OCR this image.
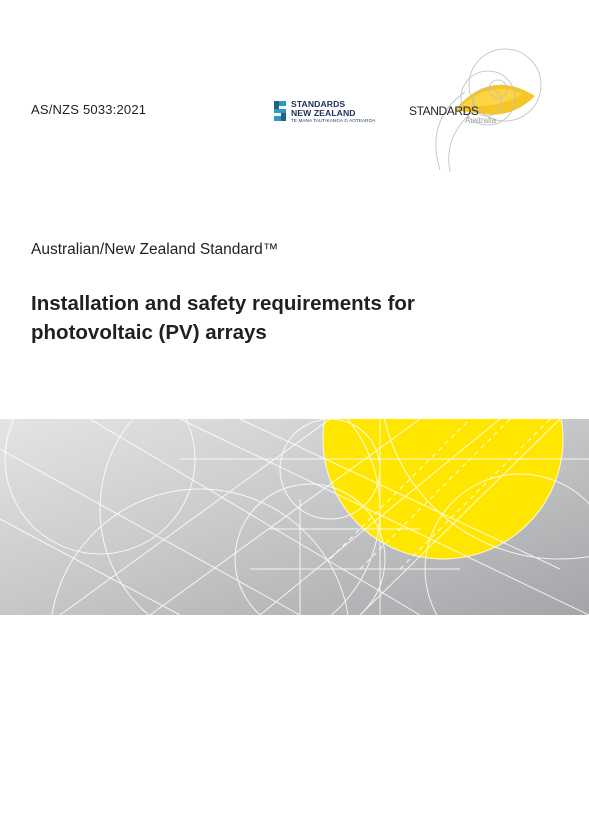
AS/NZS 5033:2021	STANDARDS
NEW ZEALAND
TE MANA TAUTIKANGA O AOTEAROA
STANDARDS
Australia
Australian/New Zealand Standard™
Installation and safety requirements for
photovoltaic (PV) arrays
